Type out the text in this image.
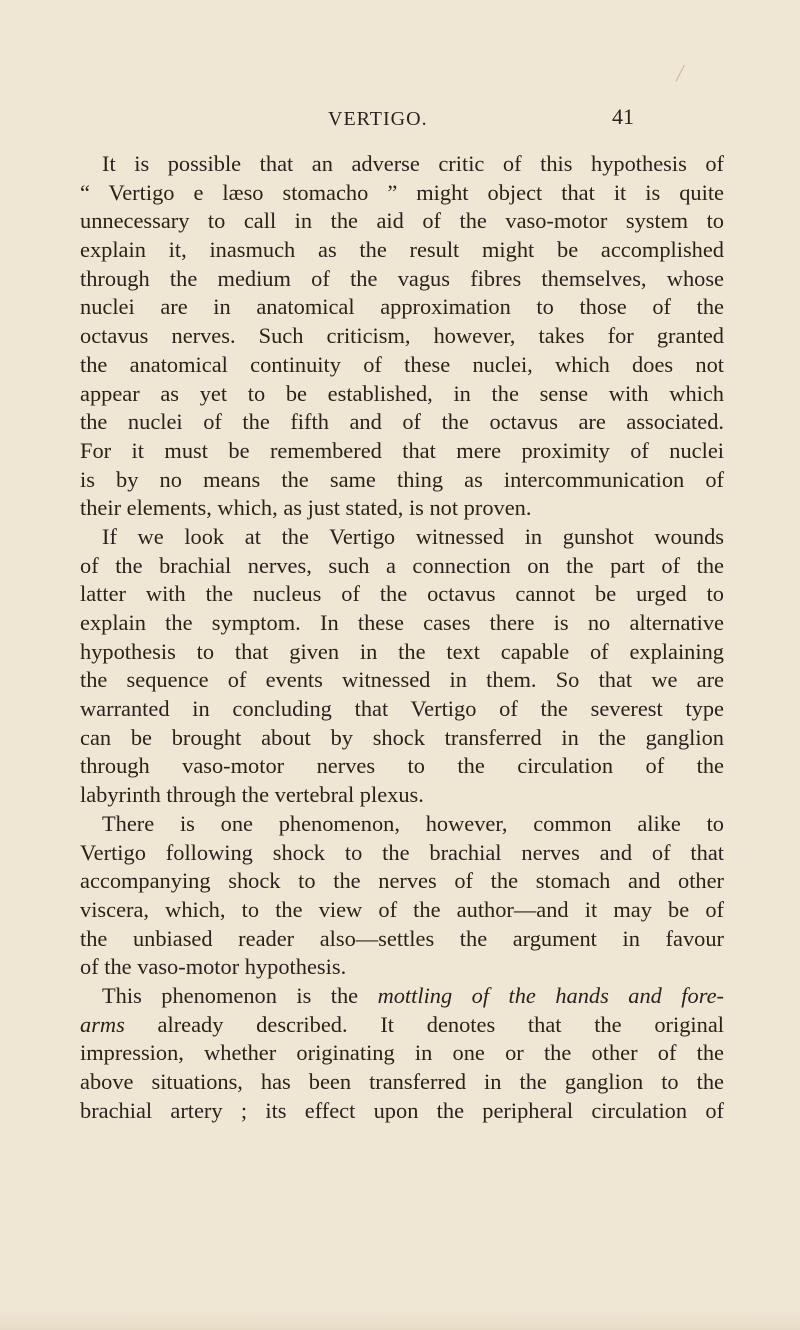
╱
VERTIGO.	41
It is possible that an adverse critic of this hypothesis of
“ Vertigo e læso stomacho ” might object that it is quite
unnecessary to call in the aid of the vaso-motor system to
explain it, inasmuch as the result might be accomplished
through the medium of the vagus fibres themselves, whose
nuclei are in anatomical approximation to those of the
octavus nerves. Such criticism, however, takes for granted
the anatomical continuity of these nuclei, which does not
appear as yet to be established, in the sense with which
the nuclei of the fifth and of the octavus are associated.
For it must be remembered that mere proximity of nuclei
is by no means the same thing as intercommunication of
their elements, which, as just stated, is not proven.
If we look at the Vertigo witnessed in gunshot wounds
of the brachial nerves, such a connection on the part of the
latter with the nucleus of the octavus cannot be urged to
explain the symptom. In these cases there is no alternative
hypothesis to that given in the text capable of explaining
the sequence of events witnessed in them. So that we are
warranted in concluding that Vertigo of the severest type
can be brought about by shock transferred in the ganglion
through vaso-motor nerves to the circulation of the
labyrinth through the vertebral plexus.
There is one phenomenon, however, common alike to
Vertigo following shock to the brachial nerves and of that
accompanying shock to the nerves of the stomach and other
viscera, which, to the view of the author—and it may be of
the unbiased reader also—settles the argument in favour
of the vaso-motor hypothesis.
This phenomenon is the mottling of the hands and fore-
arms already described. It denotes that the original
impression, whether originating in one or the other of the
above situations, has been transferred in the ganglion to the
brachial artery ; its effect upon the peripheral circulation of
